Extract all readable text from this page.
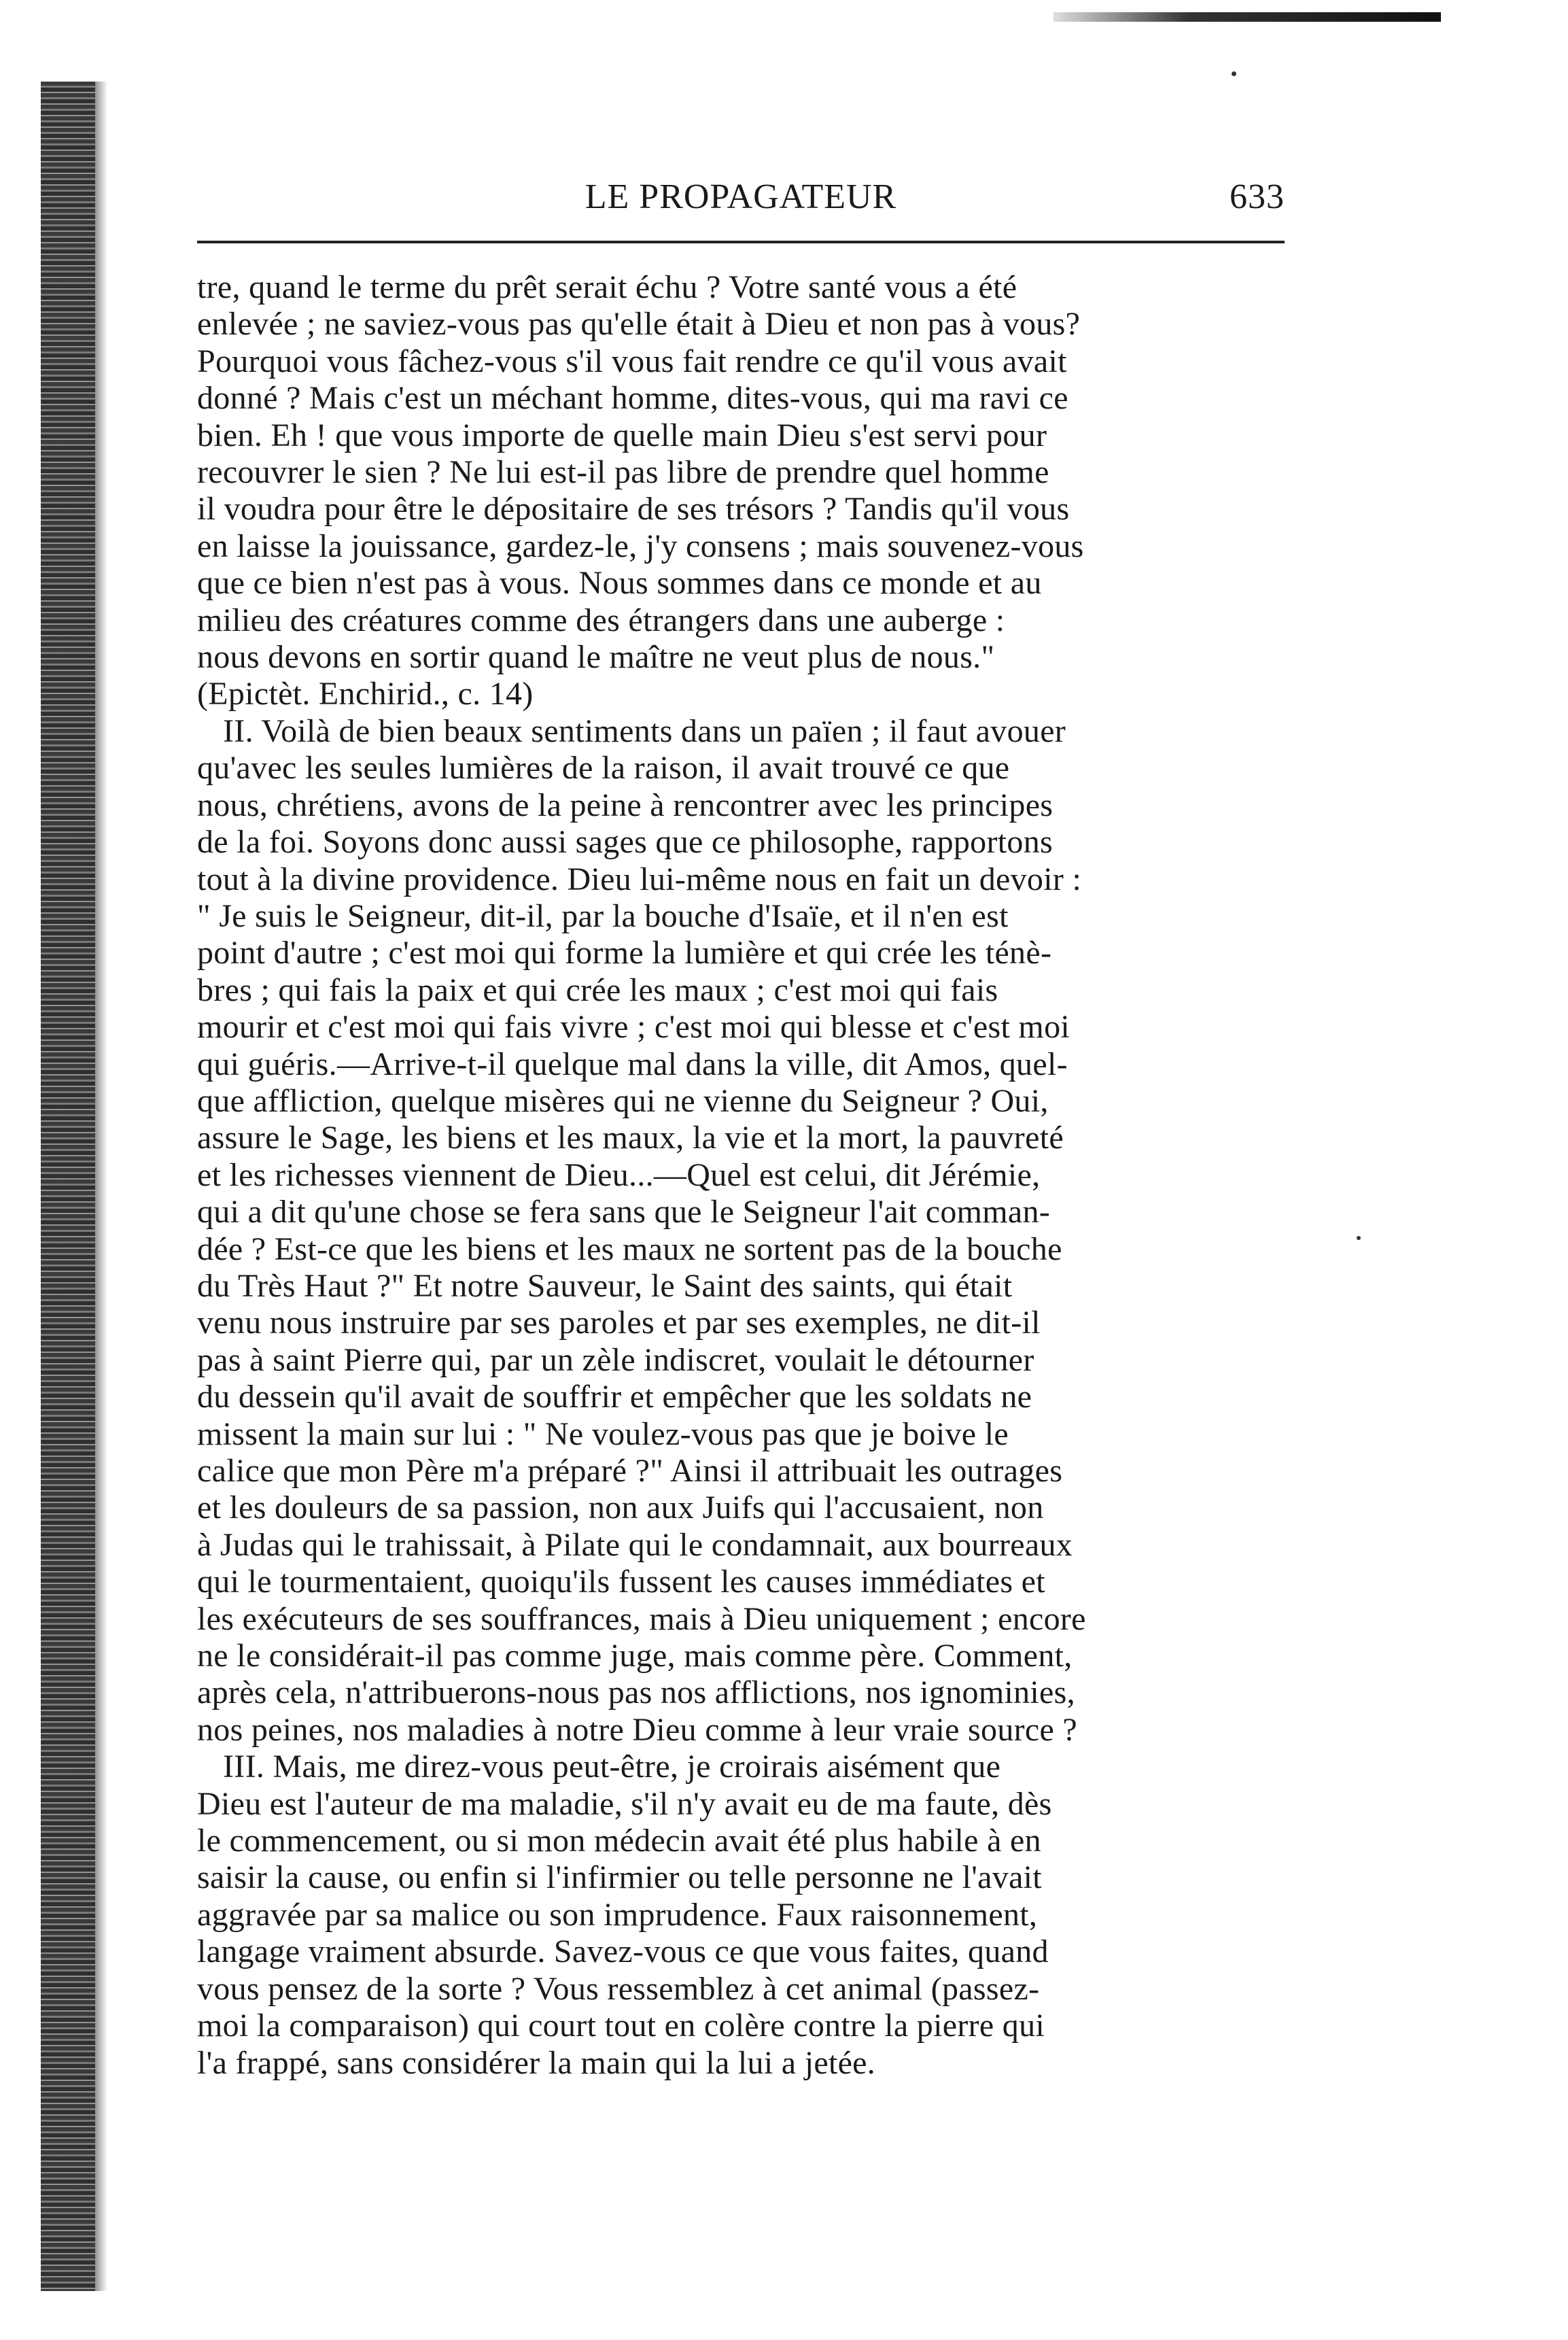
LE PROPAGATEUR	633

tre, quand le terme du prêt serait échu ? Votre santé vous a été
enlevée ; ne saviez-vous pas qu'elle était à Dieu et non pas à vous?
Pourquoi vous fâchez-vous s'il vous fait rendre ce qu'il vous avait
donné ? Mais c'est un méchant homme, dites-vous, qui ma ravi ce
bien. Eh ! que vous importe de quelle main Dieu s'est servi pour
recouvrer le sien ? Ne lui est-il pas libre de prendre quel homme
il voudra pour être le dépositaire de ses trésors ? Tandis qu'il vous
en laisse la jouissance, gardez-le, j'y consens ; mais souvenez-vous
que ce bien n'est pas à vous. Nous sommes dans ce monde et au
milieu des créatures comme des étrangers dans une auberge :
nous devons en sortir quand le maître ne veut plus de nous."
(Epictèt. Enchirid., c. 14)

II. Voilà de bien beaux sentiments dans un païen ; il faut avouer
qu'avec les seules lumières de la raison, il avait trouvé ce que
nous, chrétiens, avons de la peine à rencontrer avec les principes
de la foi. Soyons donc aussi sages que ce philosophe, rapportons
tout à la divine providence. Dieu lui-même nous en fait un devoir :
" Je suis le Seigneur, dit-il, par la bouche d'Isaïe, et il n'en est
point d'autre ; c'est moi qui forme la lumière et qui crée les ténè-
bres ; qui fais la paix et qui crée les maux ; c'est moi qui fais
mourir et c'est moi qui fais vivre ; c'est moi qui blesse et c'est moi
qui guéris.—Arrive-t-il quelque mal dans la ville, dit Amos, quel-
que affliction, quelque misères qui ne vienne du Seigneur ? Oui,
assure le Sage, les biens et les maux, la vie et la mort, la pauvreté
et les richesses viennent de Dieu...—Quel est celui, dit Jérémie,
qui a dit qu'une chose se fera sans que le Seigneur l'ait comman-
dée ? Est-ce que les biens et les maux ne sortent pas de la bouche
du Très Haut ?" Et notre Sauveur, le Saint des saints, qui était
venu nous instruire par ses paroles et par ses exemples, ne dit-il
pas à saint Pierre qui, par un zèle indiscret, voulait le détourner
du dessein qu'il avait de souffrir et empêcher que les soldats ne
missent la main sur lui : " Ne voulez-vous pas que je boive le
calice que mon Père m'a préparé ?" Ainsi il attribuait les outrages
et les douleurs de sa passion, non aux Juifs qui l'accusaient, non
à Judas qui le trahissait, à Pilate qui le condamnait, aux bourreaux
qui le tourmentaient, quoiqu'ils fussent les causes immédiates et
les exécuteurs de ses souffrances, mais à Dieu uniquement ; encore
ne le considérait-il pas comme juge, mais comme père. Comment,
après cela, n'attribuerons-nous pas nos afflictions, nos ignominies,
nos peines, nos maladies à notre Dieu comme à leur vraie source ?

III. Mais, me direz-vous peut-être, je croirais aisément que
Dieu est l'auteur de ma maladie, s'il n'y avait eu de ma faute, dès
le commencement, ou si mon médecin avait été plus habile à en
saisir la cause, ou enfin si l'infirmier ou telle personne ne l'avait
aggravée par sa malice ou son imprudence. Faux raisonnement,
langage vraiment absurde. Savez-vous ce que vous faites, quand
vous pensez de la sorte ? Vous ressemblez à cet animal (passez-
moi la comparaison) qui court tout en colère contre la pierre qui
l'a frappé, sans considérer la main qui la lui a jetée.
